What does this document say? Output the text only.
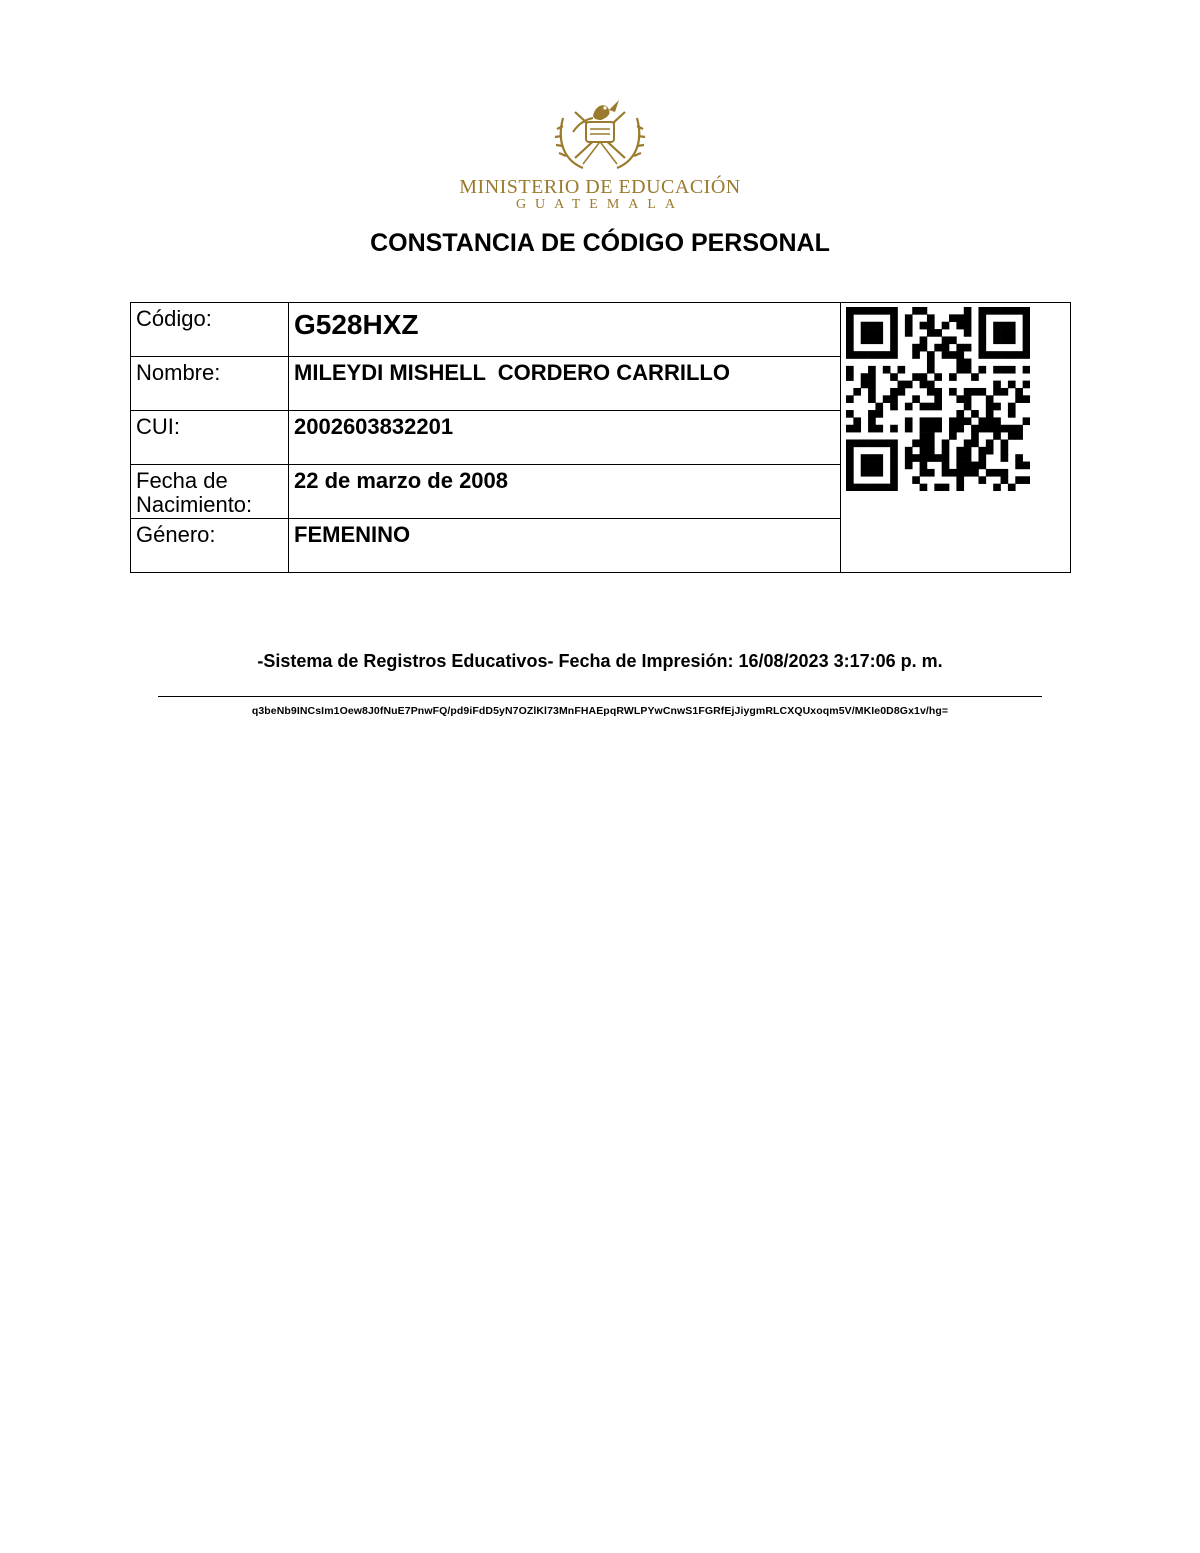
MINISTERIO DE EDUCACIÓN
GUATEMALA
CONSTANCIA DE CÓDIGO PERSONAL
Código:	G528HXZ	
Nombre:	MILEYDI MISHELL  CORDERO CARRILLO	
CUI:	2002603832201	
Fecha de Nacimiento:	22 de marzo de 2008	
Género:	FEMENINO	
-Sistema de Registros Educativos- Fecha de Impresión: 16/08/2023 3:17:06 p. m.
q3beNb9INCsIm1Oew8J0fNuE7PnwFQ/pd9iFdD5yN7OZlKl73MnFHAEpqRWLPYwCnwS1FGRfEjJiygmRLCXQUxoqm5V/MKIe0D8Gx1v/hg=
